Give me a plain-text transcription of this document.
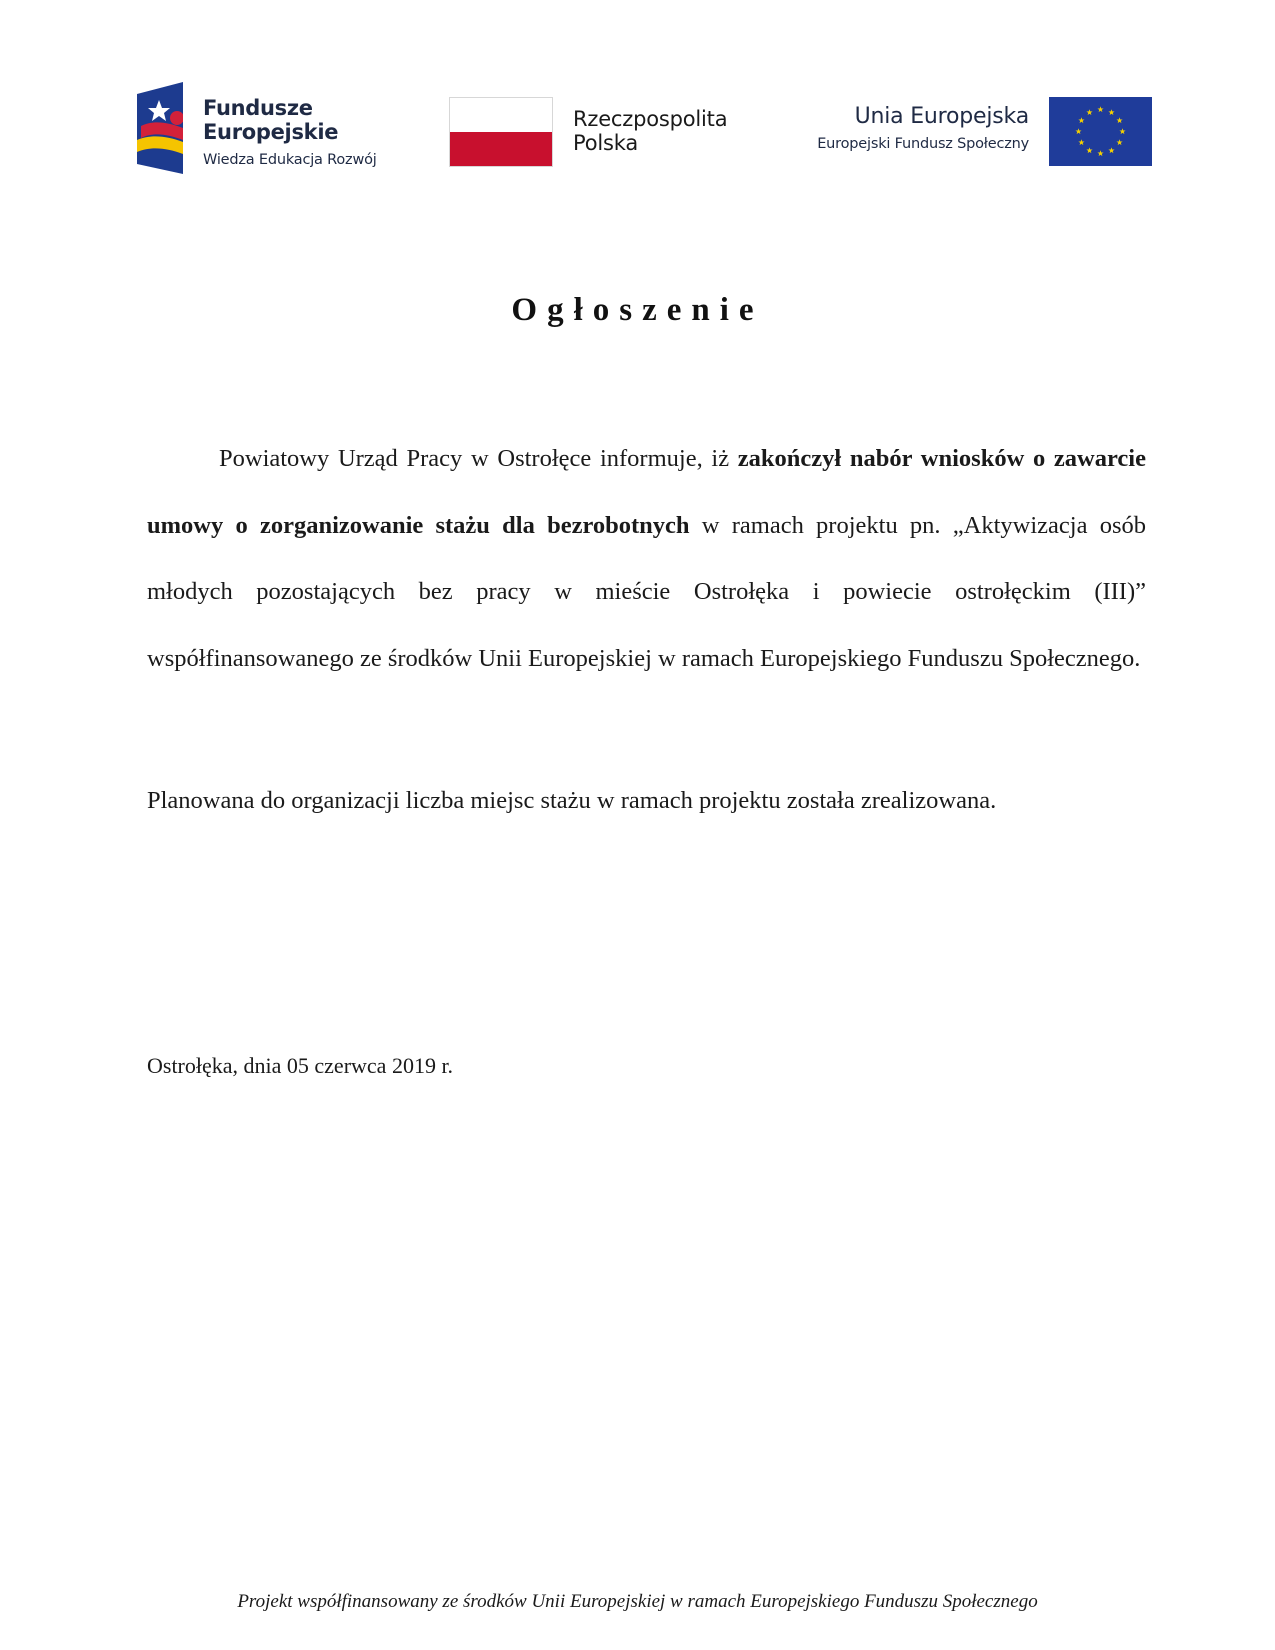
Fundusze
Europejskie
Wiedza Edukacja Rozwój
Rzeczpospolita
Polska
Unia Europejska
Europejski Fundusz Społeczny
Ogłoszenie
Powiatowy Urząd Pracy w Ostrołęce informuje, iż zakończył nabór wniosków o zawarcie umowy o zorganizowanie stażu dla bezrobotnych w ramach projektu pn. „Aktywizacja osób młodych pozostających bez pracy w mieście Ostrołęka i powiecie ostrołęckim (III)” współfinansowanego ze środków Unii Europejskiej w ramach Europejskiego Funduszu Społecznego.
Planowana do organizacji liczba miejsc stażu w ramach projektu została zrealizowana.
Ostrołęka, dnia 05 czerwca 2019 r.
Projekt współfinansowany ze środków Unii Europejskiej w ramach Europejskiego Funduszu Społecznego
